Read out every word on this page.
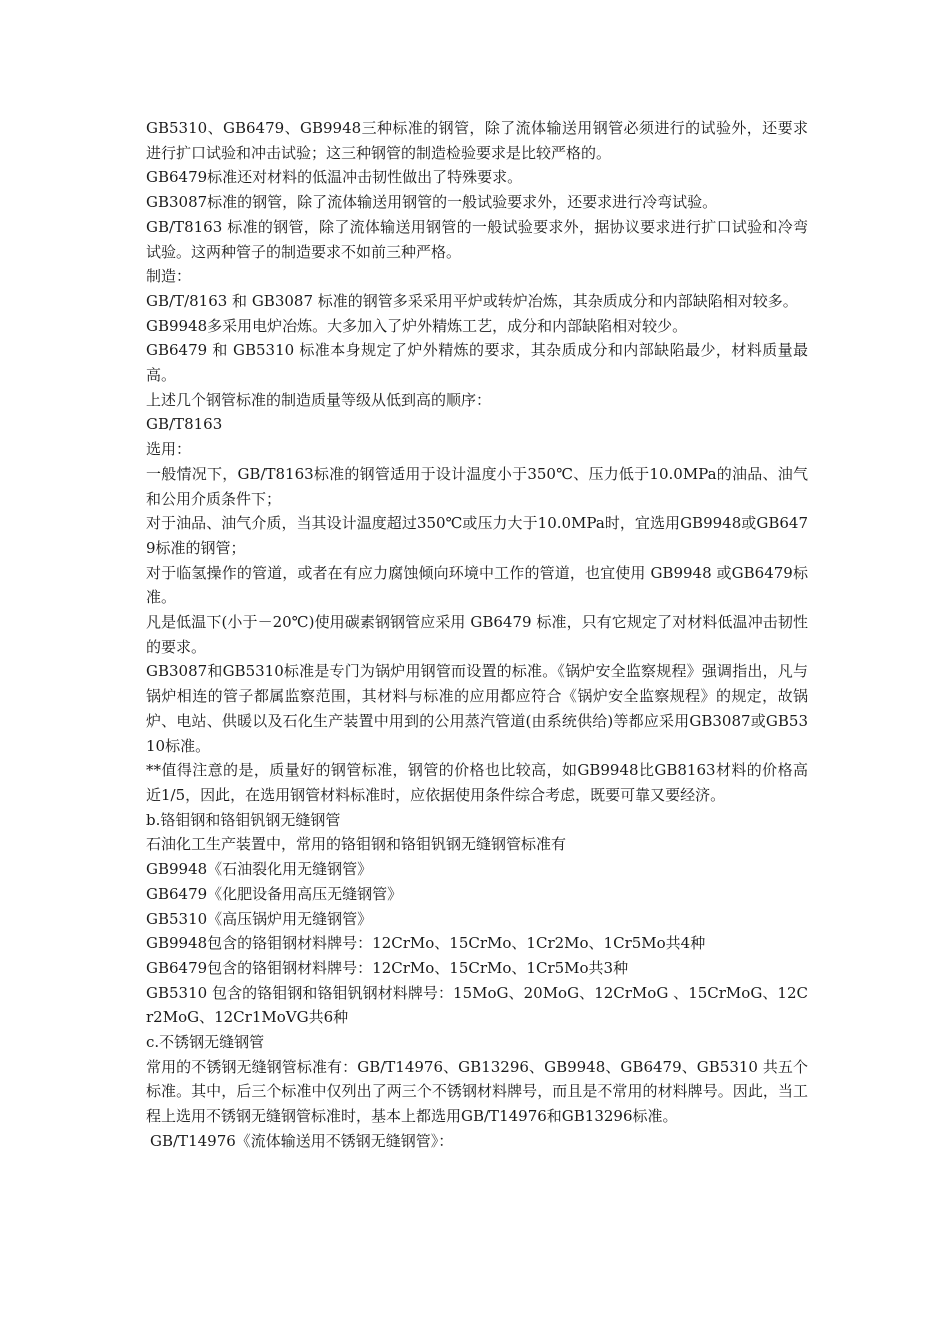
GB5310、GB6479、GB9948三种标准的钢管，除了流体输送用钢管必须进行的试验外，还要求进行扩口试验和冲击试验；这三种钢管的制造检验要求是比较严格的。

GB6479标准还对材料的低温冲击韧性做出了特殊要求。

GB3087标准的钢管，除了流体输送用钢管的一般试验要求外，还要求进行冷弯试验。

GB/T8163 标准的钢管，除了流体输送用钢管的一般试验要求外，据协议要求进行扩口试验和冷弯试验。这两种管子的制造要求不如前三种严格。

制造：

GB/T/8163 和 GB3087 标准的钢管多采采用平炉或转炉冶炼，其杂质成分和内部缺陷相对较多。

GB9948多采用电炉冶炼。大多加入了炉外精炼工艺，成分和内部缺陷相对较少。

GB6479 和 GB5310 标准本身规定了炉外精炼的要求，其杂质成分和内部缺陷最少，材料质量最高。

上述几个钢管标准的制造质量等级从低到高的顺序：

GB/T8163

选用：

一般情况下，GB/T8163标准的钢管适用于设计温度小于350℃、压力低于10.0MPa的油品、油气和公用介质条件下；

对于油品、油气介质，当其设计温度超过350℃或压力大于10.0MPa时，宜选用GB9948或GB6479标准的钢管；

对于临氢操作的管道，或者在有应力腐蚀倾向环境中工作的管道，也宜使用 GB9948 或GB6479标准。

凡是低温下(小于－20℃)使用碳素钢钢管应采用 GB6479 标准，只有它规定了对材料低温冲击韧性的要求。

GB3087和GB5310标准是专门为锅炉用钢管而设置的标准。《锅炉安全监察规程》强调指出，凡与锅炉相连的管子都属监察范围，其材料与标准的应用都应符合《锅炉安全监察规程》的规定，故锅炉、电站、供暖以及石化生产装置中用到的公用蒸汽管道(由系统供给)等都应采用GB3087或GB5310标准。

**值得注意的是，质量好的钢管标准，钢管的价格也比较高，如GB9948比GB8163材料的价格高近1/5，因此，在选用钢管材料标准时，应依据使用条件综合考虑，既要可靠又要经济。

b.铬钼钢和铬钼钒钢无缝钢管

石油化工生产装置中，常用的铬钼钢和铬钼钒钢无缝钢管标准有

GB9948《石油裂化用无缝钢管》

GB6479《化肥设备用高压无缝钢管》

GB5310《高压锅炉用无缝钢管》

GB9948包含的铬钼钢材料牌号：12CrMo、15CrMo、1Cr2Mo、1Cr5Mo共4种

GB6479包含的铬钼钢材料牌号：12CrMo、15CrMo、1Cr5Mo共3种

GB5310 包含的铬钼钢和铬钼钒钢材料牌号：15MoG、20MoG、12CrMoG 、15CrMoG、12Cr2MoG、12Cr1MoVG共6种

c.不锈钢无缝钢管

常用的不锈钢无缝钢管标准有：GB/T14976、GB13296、GB9948、GB6479、GB5310 共五个标准。其中，后三个标准中仅列出了两三个不锈钢材料牌号，而且是不常用的材料牌号。因此，当工程上选用不锈钢无缝钢管标准时，基本上都选用GB/T14976和GB13296标准。

GB/T14976《流体输送用不锈钢无缝钢管》：
